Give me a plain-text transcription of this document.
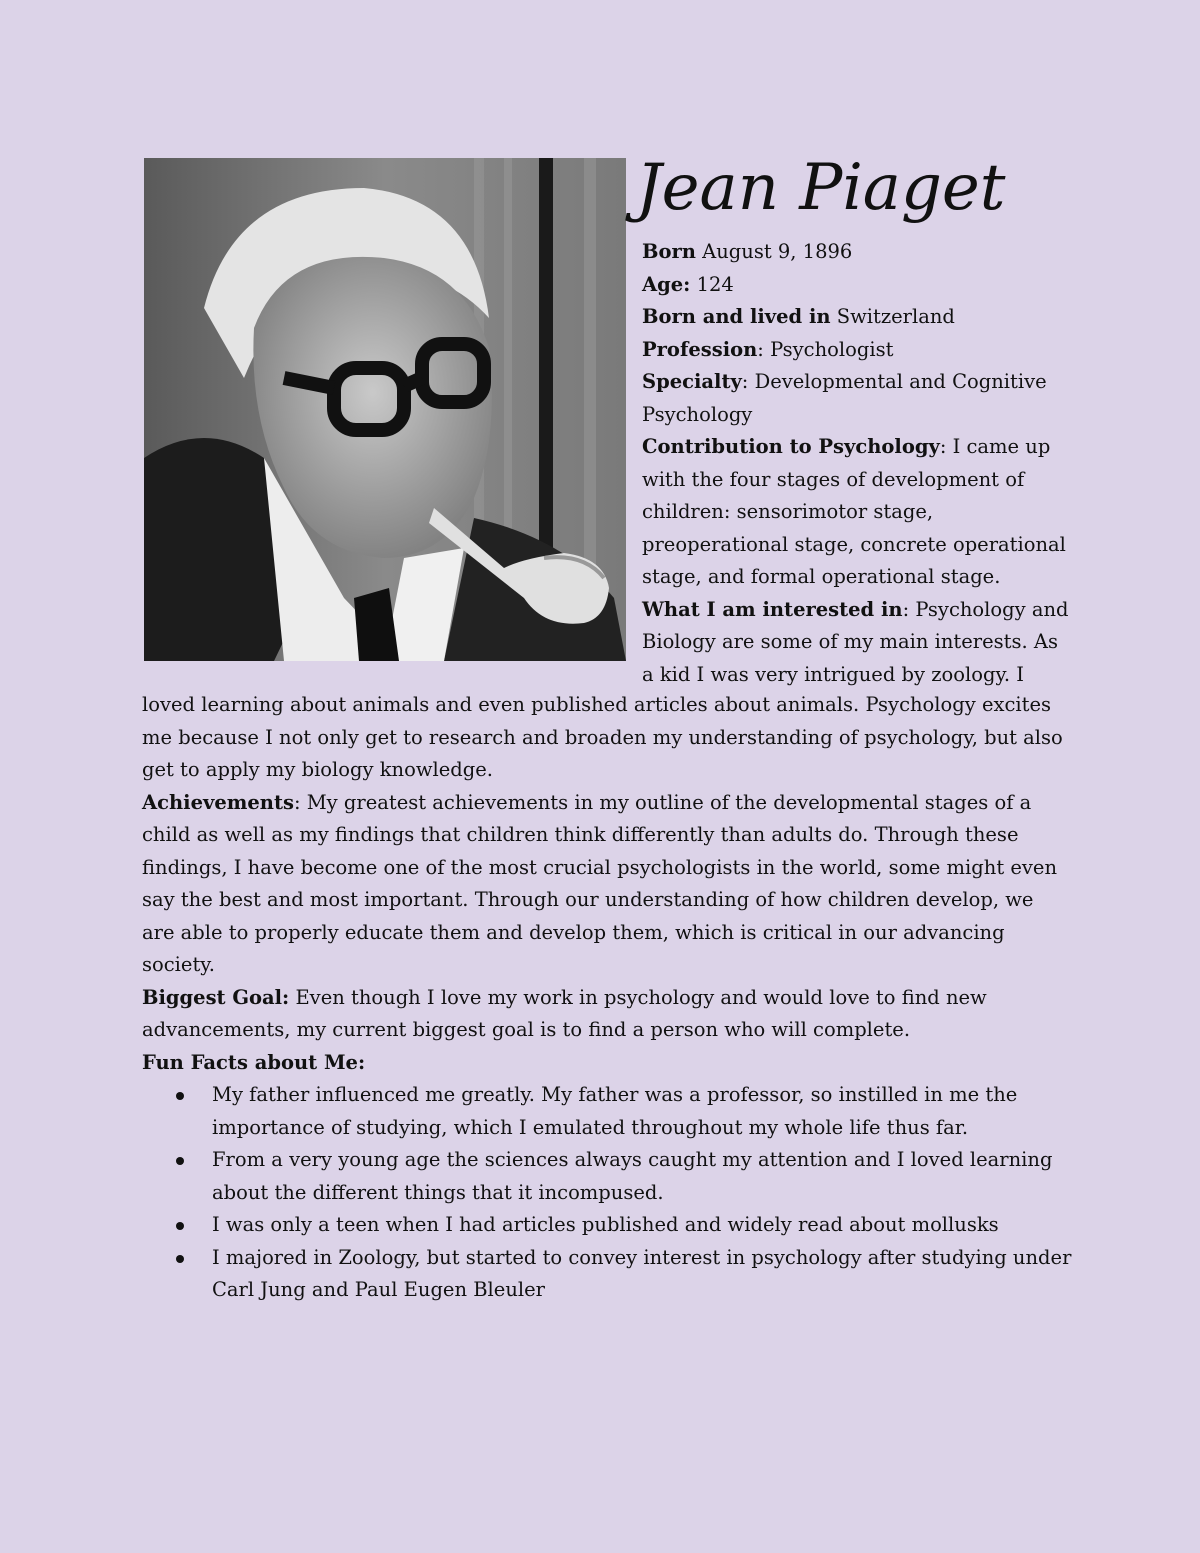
Jean Piaget
Born August 9, 1896
Age: 124
Born and lived in Switzerland
Profession: Psychologist
Specialty: Developmental and Cognitive Psychology
Contribution to Psychology: I came up with the four stages of development of children: sensorimotor stage, preoperational stage, concrete operational stage, and formal operational stage.
What I am interested in: Psychology and Biology are some of my main interests. As a kid I was very intrigued by zoology. I
loved learning about animals and even published articles about animals. Psychology excites me because I not only get to research and broaden my understanding of psychology, but also get to apply my biology knowledge.
Achievements: My greatest achievements in my outline of the developmental stages of a child as well as my findings that children think differently than adults do. Through these findings, I have become one of the most crucial psychologists in the world, some might even say the best and most important. Through our understanding of how children develop, we are able to properly educate them and develop them, which is critical in our advancing society.
Biggest Goal: Even though I love my work in psychology and would love to find new advancements, my current biggest goal is to find a person who will complete.
Fun Facts about Me:
My father influenced me greatly. My father was a professor, so instilled in me the importance of studying, which I emulated throughout my whole life thus far.
From a very young age the sciences always caught my attention and I loved learning about the different things that it incompused.
I was only a teen when I had articles published and widely read about mollusks
I majored in Zoology, but started to convey interest in psychology after studying under Carl Jung and Paul Eugen Bleuler
